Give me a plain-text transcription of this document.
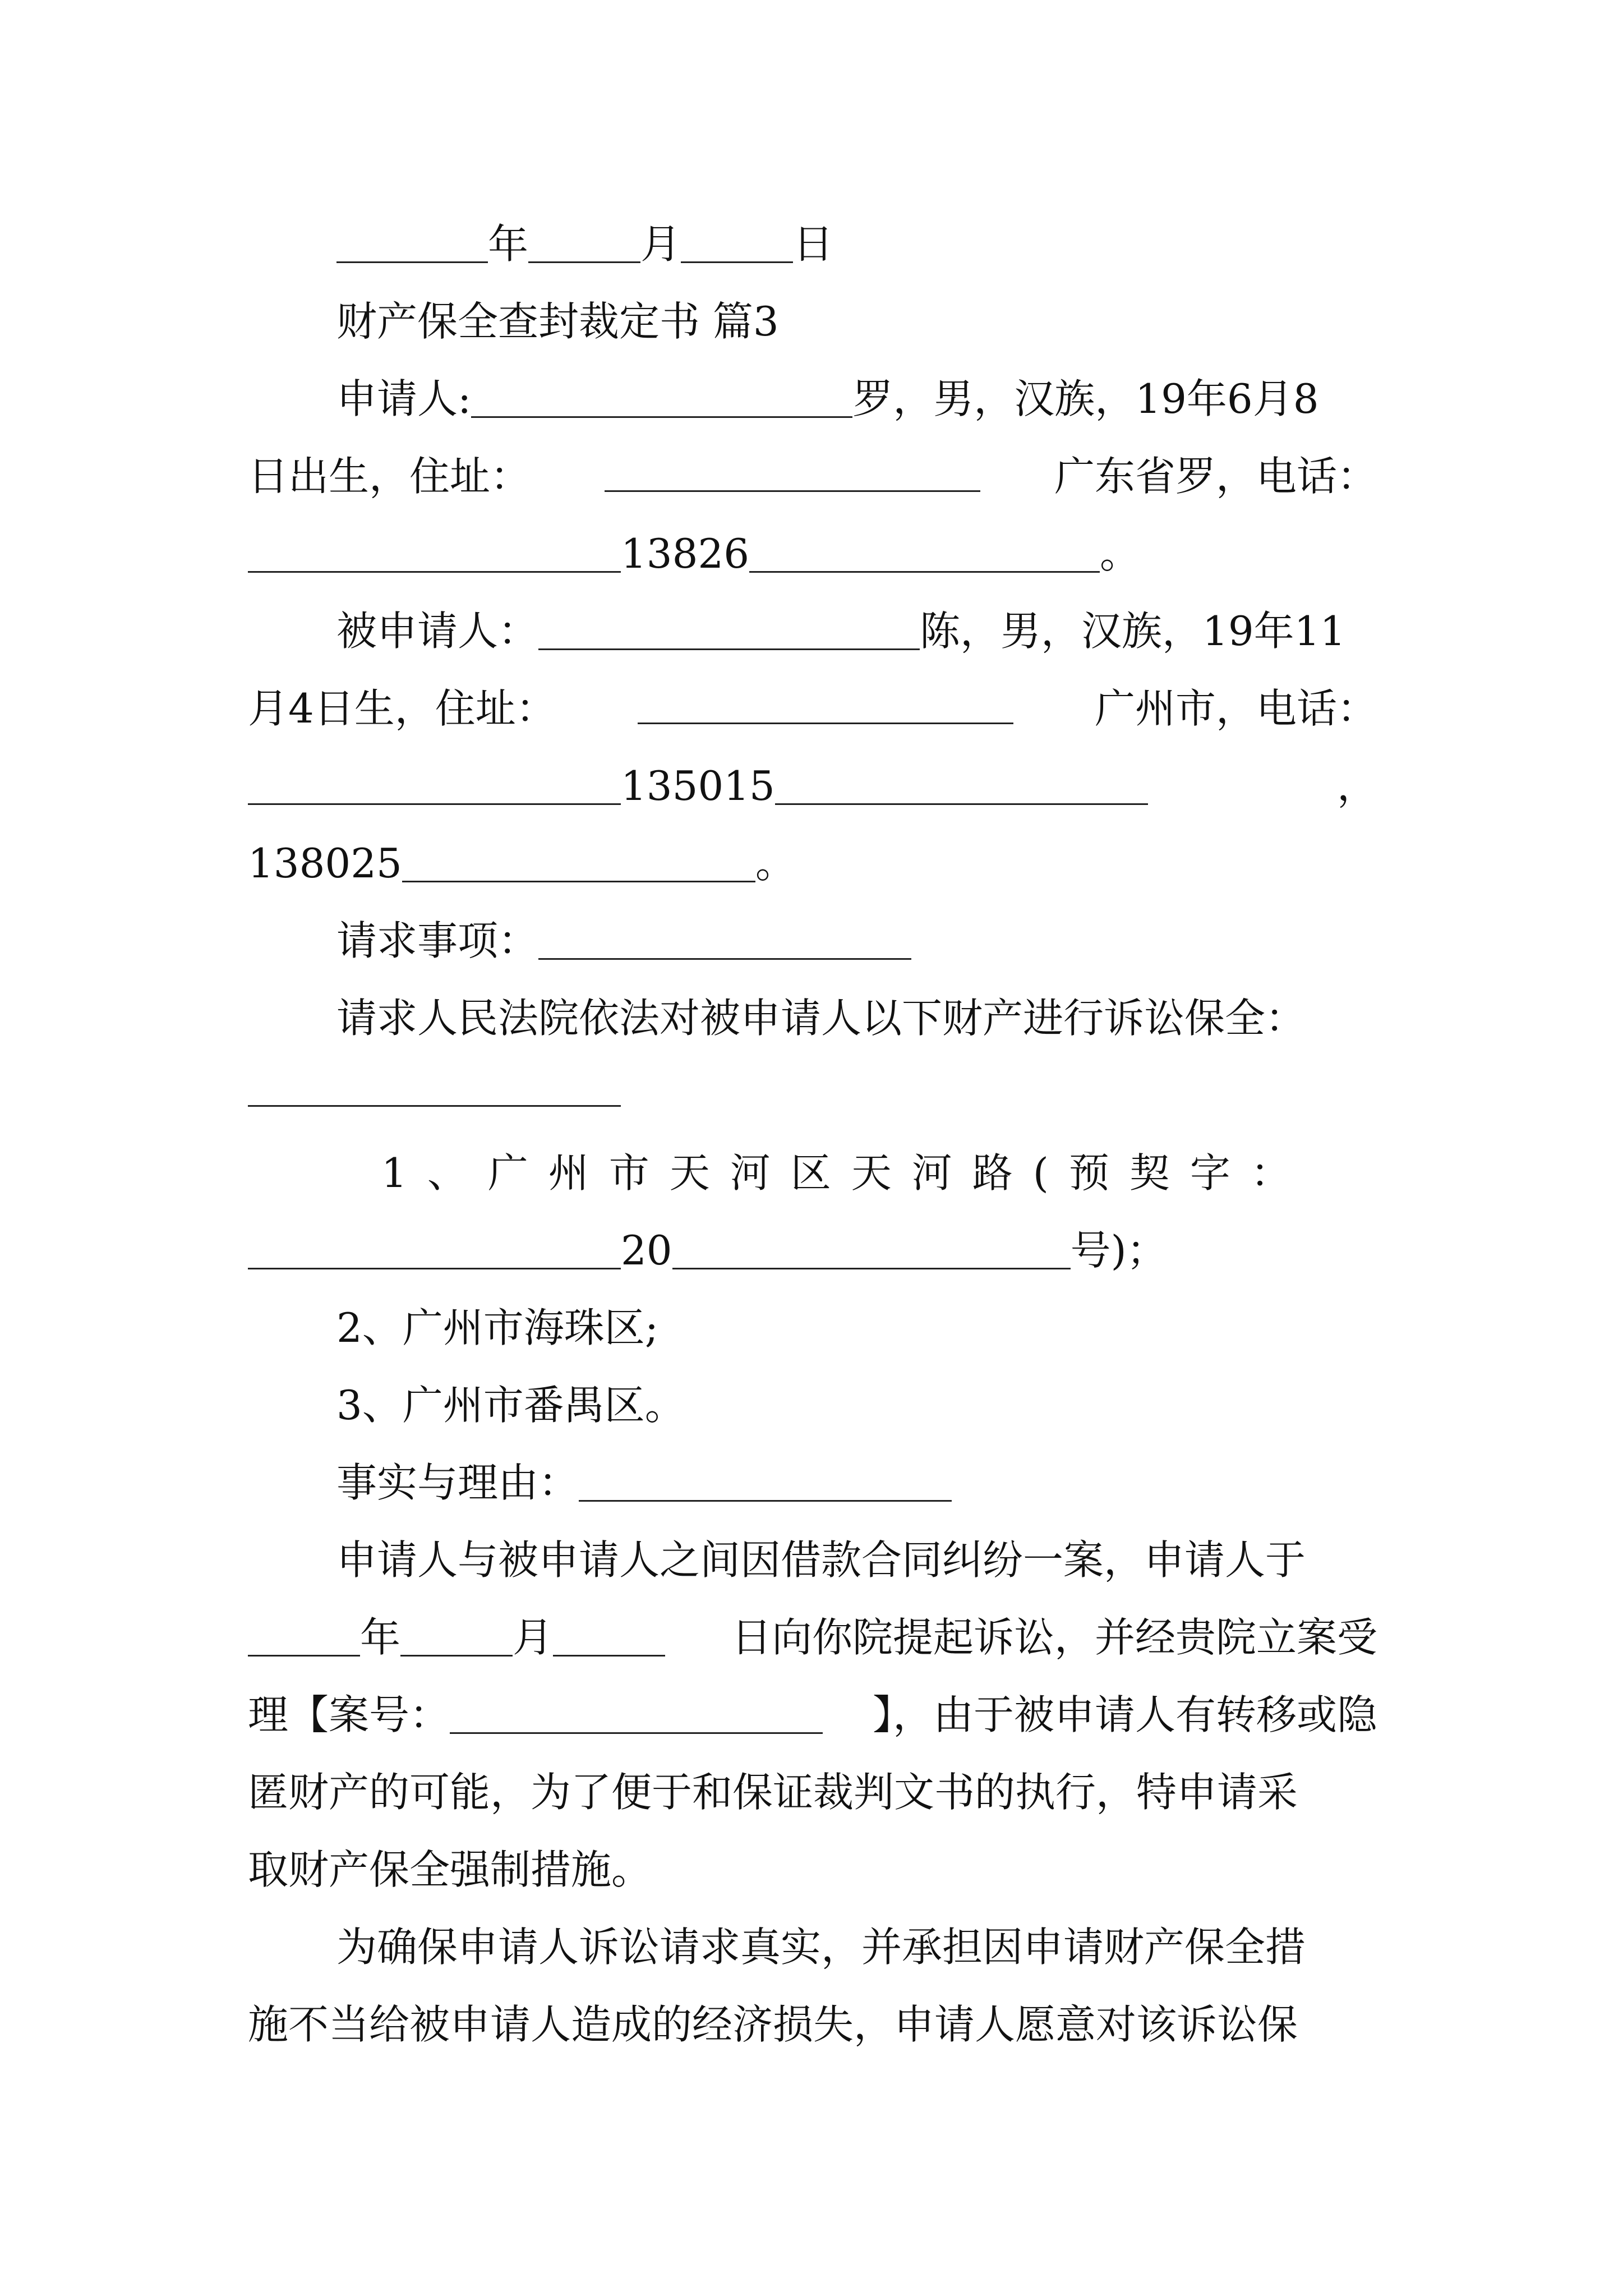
年	月	日
财产保全查封裁定书 篇3
申请人:	罗，男，汉族，19年6月8
日出生，住址：	广东省罗，电话：
13826	。
被申请人：	陈，男，汉族，19年11
月4日生，住址：	广州市，电话：
135015	，
138025	。
请求事项：
请求人民法院依法对被申请人以下财产进行诉讼保全：
1、广州市天河区天河路(预契字：
20	号)；
2、广州市海珠区;
3、广州市番禺区。
事实与理由：
申请人与被申请人之间因借款合同纠纷一案，申请人于
年	月	日向你院提起诉讼，并经贵院立案受
理【案号：	】，由于被申请人有转移或隐
匿财产的可能，为了便于和保证裁判文书的执行，特申请采
取财产保全强制措施。
为确保申请人诉讼请求真实，并承担因申请财产保全措
施不当给被申请人造成的经济损失，申请人愿意对该诉讼保
